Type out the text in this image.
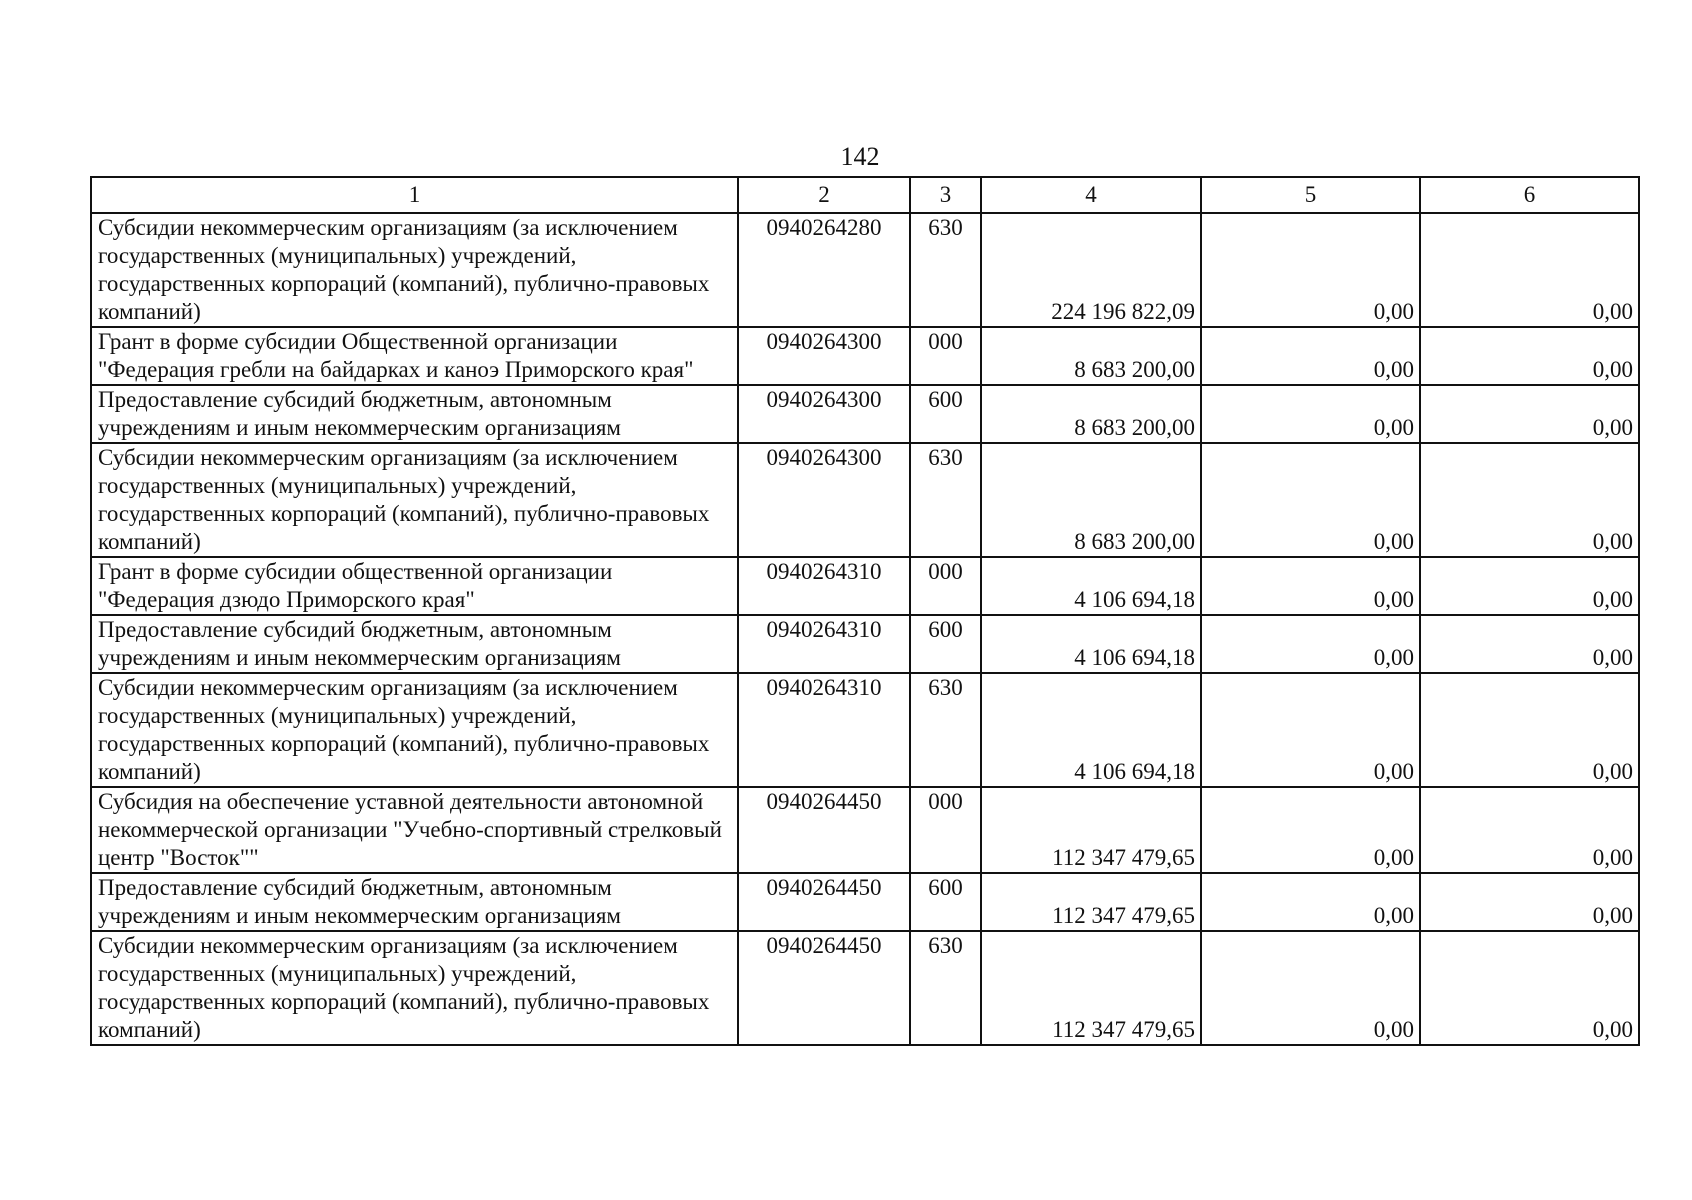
142
1	2	3	4	5	6
Субсидии некоммерческим организациям (за исключением государственных (муниципальных) учреждений, государственных корпораций (компаний), публично-правовых компаний)	0940264280	630	224 196 822,09	0,00	0,00
Грант в форме субсидии Общественной организации "Федерация гребли на байдарках и каноэ Приморского края"	0940264300	000	8 683 200,00	0,00	0,00
Предоставление субсидий бюджетным, автономным учреждениям и иным некоммерческим организациям	0940264300	600	8 683 200,00	0,00	0,00
Субсидии некоммерческим организациям (за исключением государственных (муниципальных) учреждений, государственных корпораций (компаний), публично-правовых компаний)	0940264300	630	8 683 200,00	0,00	0,00
Грант в форме субсидии общественной организации "Федерация дзюдо Приморского края"	0940264310	000	4 106 694,18	0,00	0,00
Предоставление субсидий бюджетным, автономным учреждениям и иным некоммерческим организациям	0940264310	600	4 106 694,18	0,00	0,00
Субсидии некоммерческим организациям (за исключением государственных (муниципальных) учреждений, государственных корпораций (компаний), публично-правовых компаний)	0940264310	630	4 106 694,18	0,00	0,00
Субсидия на обеспечение уставной деятельности автономной некоммерческой организации "Учебно-спортивный стрелковый центр "Восток""	0940264450	000	112 347 479,65	0,00	0,00
Предоставление субсидий бюджетным, автономным учреждениям и иным некоммерческим организациям	0940264450	600	112 347 479,65	0,00	0,00
Субсидии некоммерческим организациям (за исключением государственных (муниципальных) учреждений, государственных корпораций (компаний), публично-правовых компаний)	0940264450	630	112 347 479,65	0,00	0,00
